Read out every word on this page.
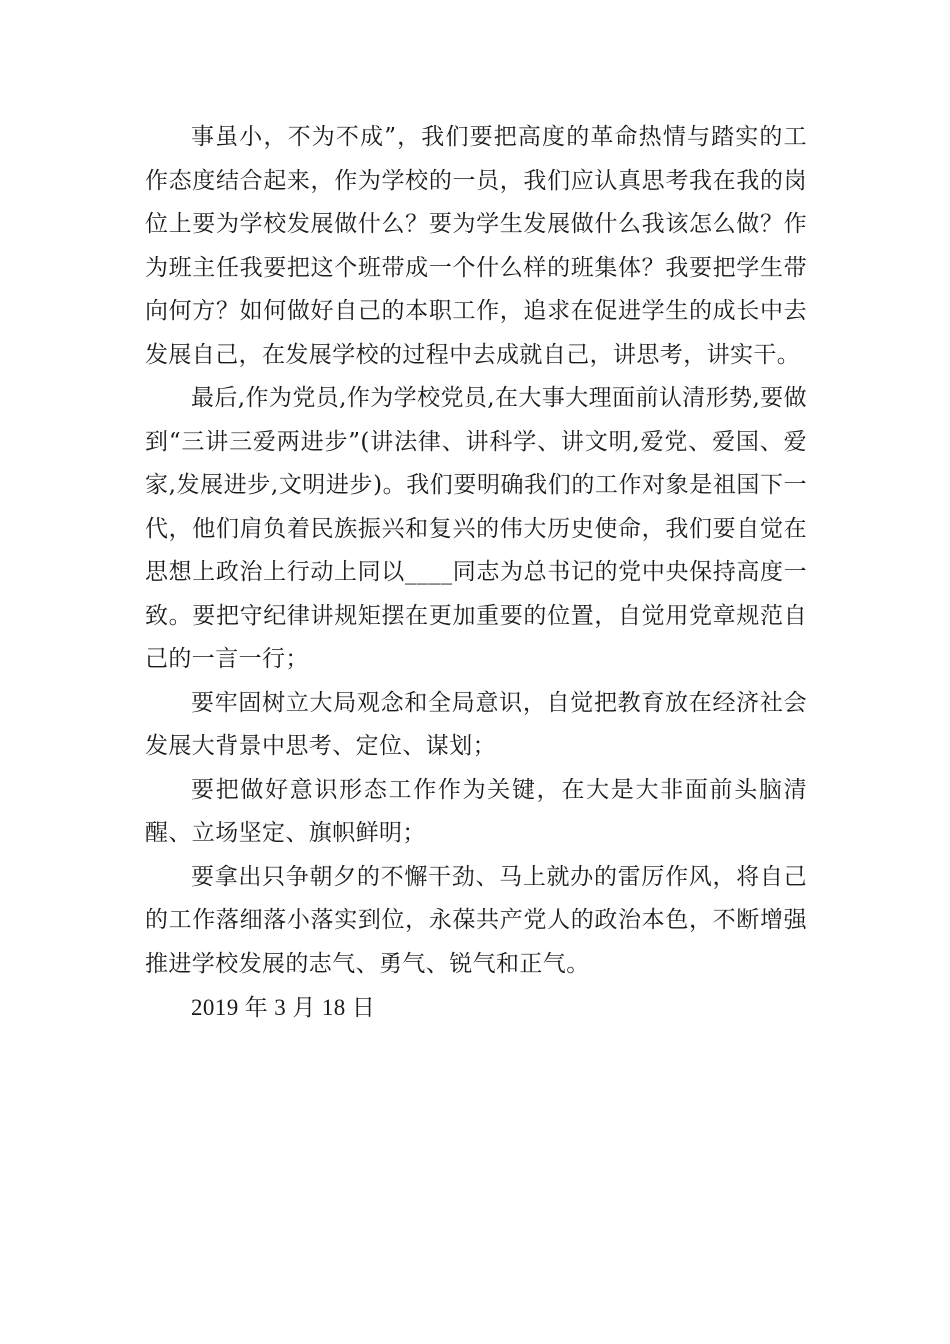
事虽小，不为不成”，我们要把高度的革命热情与踏实的工作态度结合起来，作为学校的一员，我们应认真思考我在我的岗位上要为学校发展做什么？要为学生发展做什么我该怎么做？作为班主任我要把这个班带成一个什么样的班集体？我要把学生带向何方？如何做好自己的本职工作，追求在促进学生的成长中去发展自己，在发展学校的过程中去成就自己，讲思考，讲实干。

最后,作为党员,作为学校党员,在大事大理面前认清形势,要做到“三讲三爱两进步”(讲法律、讲科学、讲文明,爱党、爱国、爱家,发展进步,文明进步)。我们要明确我们的工作对象是祖国下一代，他们肩负着民族振兴和复兴的伟大历史使命，我们要自觉在思想上政治上行动上同以____同志为总书记的党中央保持高度一致。要把守纪律讲规矩摆在更加重要的位置，自觉用党章规范自己的一言一行；

要牢固树立大局观念和全局意识，自觉把教育放在经济社会发展大背景中思考、定位、谋划；

要把做好意识形态工作作为关键，在大是大非面前头脑清醒、立场坚定、旗帜鲜明；

要拿出只争朝夕的不懈干劲、马上就办的雷厉作风，将自己的工作落细落小落实到位，永葆共产党人的政治本色，不断增强推进学校发展的志气、勇气、锐气和正气。

2019 年 3 月 18 日
